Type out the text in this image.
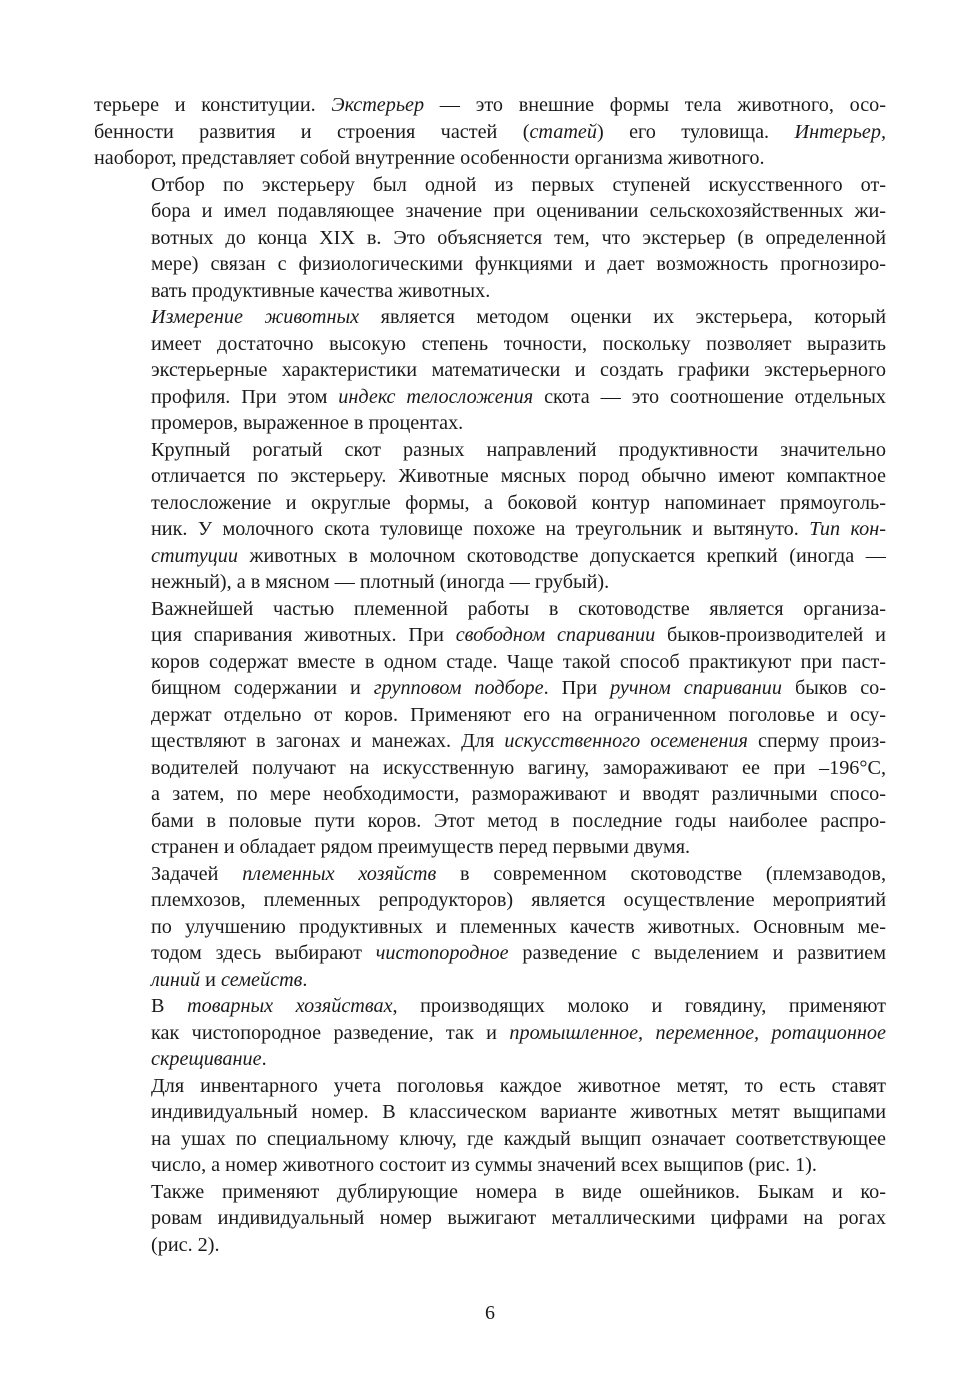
терьере и конституции. Экстерьер — это внешние формы тела животного, осо-
бенности развития и строения частей (статей) его туловища. Интерьер,
наоборот, представляет собой внутренние особенности организма животного.

Отбор по экстерьеру был одной из первых ступеней искусственного от-
бора и имел подавляющее значение при оценивании сельскохозяйственных жи-
вотных до конца XIX в. Это объясняется тем, что экстерьер (в определенной
мере) связан с физиологическими функциями и дает возможность прогнозиро-
вать продуктивные качества животных.

Измерение животных является методом оценки их экстерьера, который
имеет достаточно высокую степень точности, поскольку позволяет выразить
экстерьерные характеристики математически и создать графики экстерьерного
профиля. При этом индекс телосложения скота — это соотношение отдельных
промеров, выраженное в процентах.

Крупный рогатый скот разных направлений продуктивности значительно
отличается по экстерьеру. Животные мясных пород обычно имеют компактное
телосложение и округлые формы, а боковой контур напоминает прямоуголь-
ник. У молочного скота туловище похоже на треугольник и вытянуто. Тип кон-
ституции животных в молочном скотоводстве допускается крепкий (иногда —
нежный), а в мясном — плотный (иногда — грубый).

Важнейшей частью племенной работы в скотоводстве является организа-
ция спаривания животных. При свободном спаривании быков-производителей и
коров содержат вместе в одном стаде. Чаще такой способ практикуют при паст-
бищном содержании и групповом подборе. При ручном спаривании быков со-
держат отдельно от коров. Применяют его на ограниченном поголовье и осу-
ществляют в загонах и манежах. Для искусственного осеменения сперму произ-
водителей получают на искусственную вагину, замораживают ее при –196°С,
а затем, по мере необходимости, размораживают и вводят различными спосо-
бами в половые пути коров. Этот метод в последние годы наиболее распро-
странен и обладает рядом преимуществ перед первыми двумя.

Задачей племенных хозяйств в современном скотоводстве (племзаводов,
племхозов, племенных репродукторов) является осуществление мероприятий
по улучшению продуктивных и племенных качеств животных. Основным ме-
тодом здесь выбирают чистопородное разведение с выделением и развитием
линий и семейств.

В товарных хозяйствах, производящих молоко и говядину, применяют
как чистопородное разведение, так и промышленное, переменное, ротационное
скрещивание.

Для инвентарного учета поголовья каждое животное метят, то есть ставят
индивидуальный номер. В классическом варианте животных метят выщипами
на ушах по специальному ключу, где каждый выщип означает соответствующее
число, а номер животного состоит из суммы значений всех выщипов (рис. 1).

Также применяют дублирующие номера в виде ошейников. Быкам и ко-
ровам индивидуальный номер выжигают металлическими цифрами на рогах
(рис. 2).

6
